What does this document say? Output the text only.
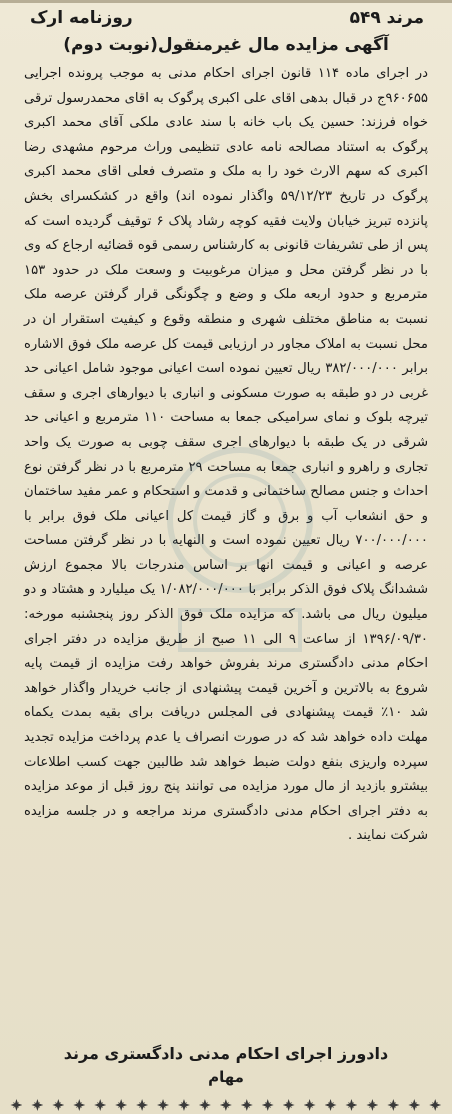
مرند ۵۴۹
روزنامه ارک
آگهی مزایده مال غیرمنقول(نوبت دوم)

در اجرای ماده ۱۱۴ قانون اجرای احکام مدنی به موجب پرونده اجرایی ۹۶۰۶۵۵ج در قبال بدهی اقای علی اکبری پرگوک به اقای محمدرسول ترقی خواه فرزند: حسین یک باب خانه با سند عادی ملکی آقای محمد اکبری پرگوک به استناد مصالحه نامه عادی تنظیمی وراث مرحوم مشهدی رضا اکبری که سهم الارث خود را به ملک و متصرف فعلی اقای محمد اکبری پرگوک در تاریخ ۵۹/۱۲/۲۳ واگذار نموده اند) واقع در کشکسرای بخش پانزده تبریز خیابان ولایت فقیه کوچه رشاد پلاک ۶ توقیف گردیده است که پس از طی تشریفات قانونی به کارشناس رسمی قوه قضائیه ارجاع که وی با در نظر گرفتن محل و میزان مرغوبیت و وسعت ملک در حدود ۱۵۳ مترمربع و حدود اربعه ملک و وضع و چگونگی قرار گرفتن عرصه ملک نسبت به مناطق مختلف شهری و منطقه وقوع و کیفیت استقرار ان در محل نسبت به املاک مجاور در ارزیابی قیمت کل عرصه ملک فوق الاشاره برابر ۳۸۲/۰۰۰/۰۰۰ ریال تعیین نموده است اعیانی موجود شامل اعیانی حد غربی در دو طبقه به صورت مسکونی و انباری با دیوارهای اجری و سقف تیرچه بلوک و نمای سرامیکی جمعا به مساحت ۱۱۰ مترمربع و اعیانی حد شرقی در یک طبقه با دیوارهای اجری سقف چوبی به صورت یک واحد تجاری و راهرو و انباری جمعا به مساحت ۲۹ مترمربع با در نظر گرفتن نوع احداث و جنس مصالح ساختمانی و قدمت و استحکام و عمر مفید ساختمان و حق انشعاب آب و برق و گاز قیمت کل اعیانی ملک فوق برابر با ۷۰۰/۰۰۰/۰۰۰ ریال تعیین نموده است و النهایه با در نظر گرفتن مساحت عرصه و اعیانی و قیمت انها بر اساس مندرجات بالا مجموع ارزش ششدانگ پلاک فوق الذکر برابر با ۱/۰۸۲/۰۰۰/۰۰۰ یک میلیارد و هشتاد و دو میلیون ریال می باشد. که مزایده ملک فوق الذکر روز پنجشنبه مورخه: ۱۳۹۶/۰۹/۳۰ از ساعت ۹ الی ۱۱ صبح از طریق مزایده در دفتر اجرای احکام مدنی دادگستری مرند بفروش خواهد رفت مزایده از قیمت پایه شروع به بالاترین و آخرین قیمت پیشنهادی از جانب خریدار واگذار خواهد شد ۱۰٪ قیمت پیشنهادی فی المجلس دریافت برای بقیه بمدت یکماه مهلت داده خواهد شد که در صورت انصراف یا عدم پرداخت مزایده تجدید سپرده واریزی بنفع دولت ضبط خواهد شد طالبین جهت کسب اطلاعات بیشترو بازدید از مال مورد مزایده می توانند پنج روز قبل از موعد مزایده به دفتر اجرای احکام مدنی دادگستری مرند مراجعه و در جلسه مزایده شرکت نمایند .

دادورز اجرای احکام مدنی دادگستری مرند
مهام
